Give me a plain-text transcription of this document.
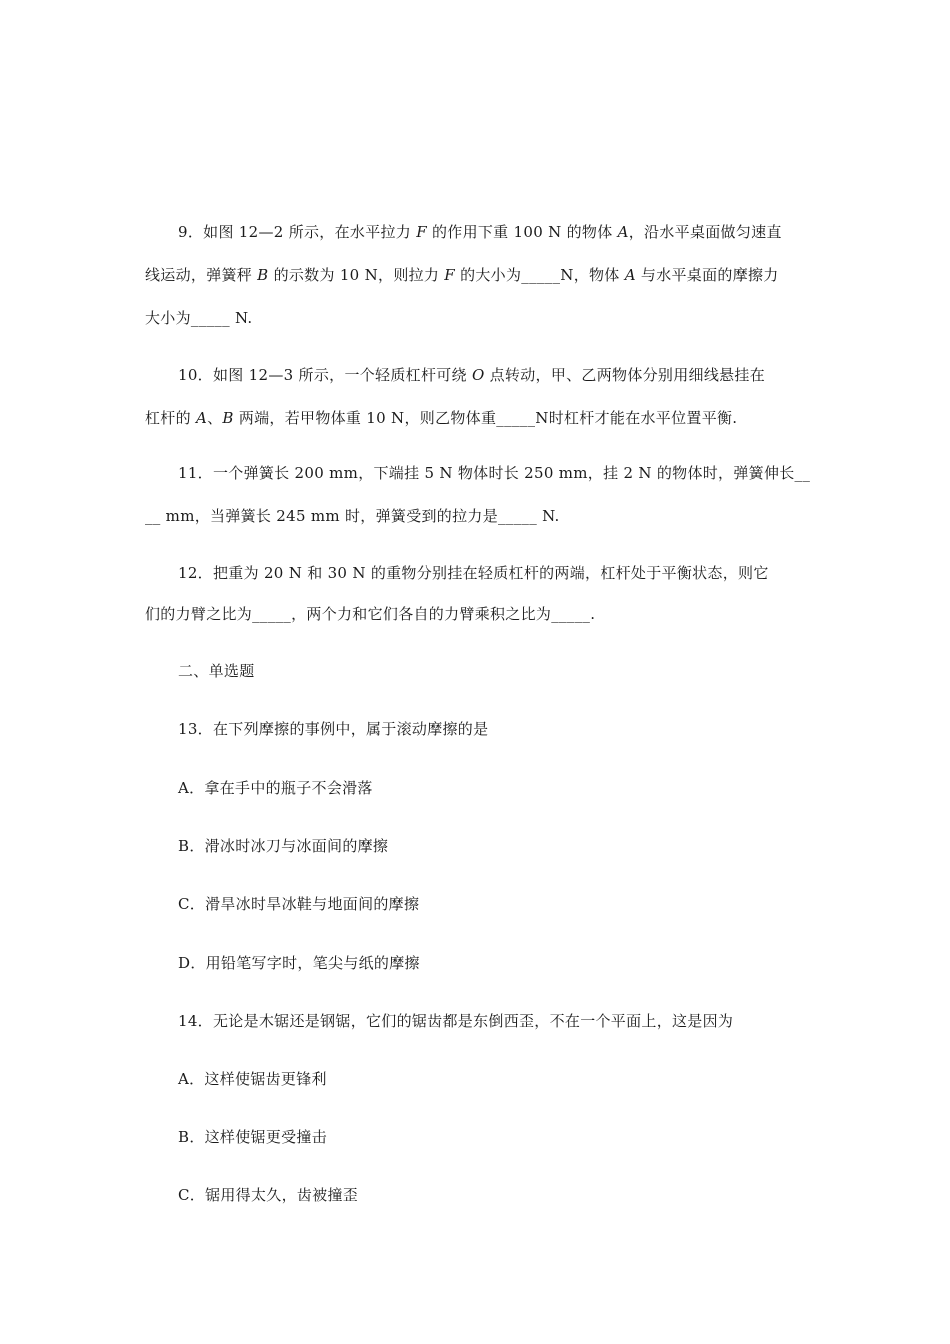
9．如图 12—2 所示，在水平拉力 F 的作用下重 100 N 的物体 A，沿水平桌面做匀速直
线运动，弹簧秤 B 的示数为 10 N，则拉力 F 的大小为_____N，物体 A 与水平桌面的摩擦力
大小为_____ N.
10．如图 12—3 所示，一个轻质杠杆可绕 O 点转动，甲、乙两物体分别用细线悬挂在
杠杆的 A、B 两端，若甲物体重 10 N，则乙物体重_____N时杠杆才能在水平位置平衡.
11．一个弹簧长 200 mm，下端挂 5 N 物体时长 250 mm，挂 2 N 的物体时，弹簧伸长__
__ mm，当弹簧长 245 mm 时，弹簧受到的拉力是_____ N.
12．把重为 20 N 和 30 N 的重物分别挂在轻质杠杆的两端，杠杆处于平衡状态，则它
们的力臂之比为_____，两个力和它们各自的力臂乘积之比为_____.
二、单选题
13．在下列摩擦的事例中，属于滚动摩擦的是
A．拿在手中的瓶子不会滑落
B．滑冰时冰刀与冰面间的摩擦
C．滑旱冰时旱冰鞋与地面间的摩擦
D．用铅笔写字时，笔尖与纸的摩擦
14．无论是木锯还是钢锯，它们的锯齿都是东倒西歪，不在一个平面上，这是因为
A．这样使锯齿更锋利
B．这样使锯更受撞击
C．锯用得太久，齿被撞歪
